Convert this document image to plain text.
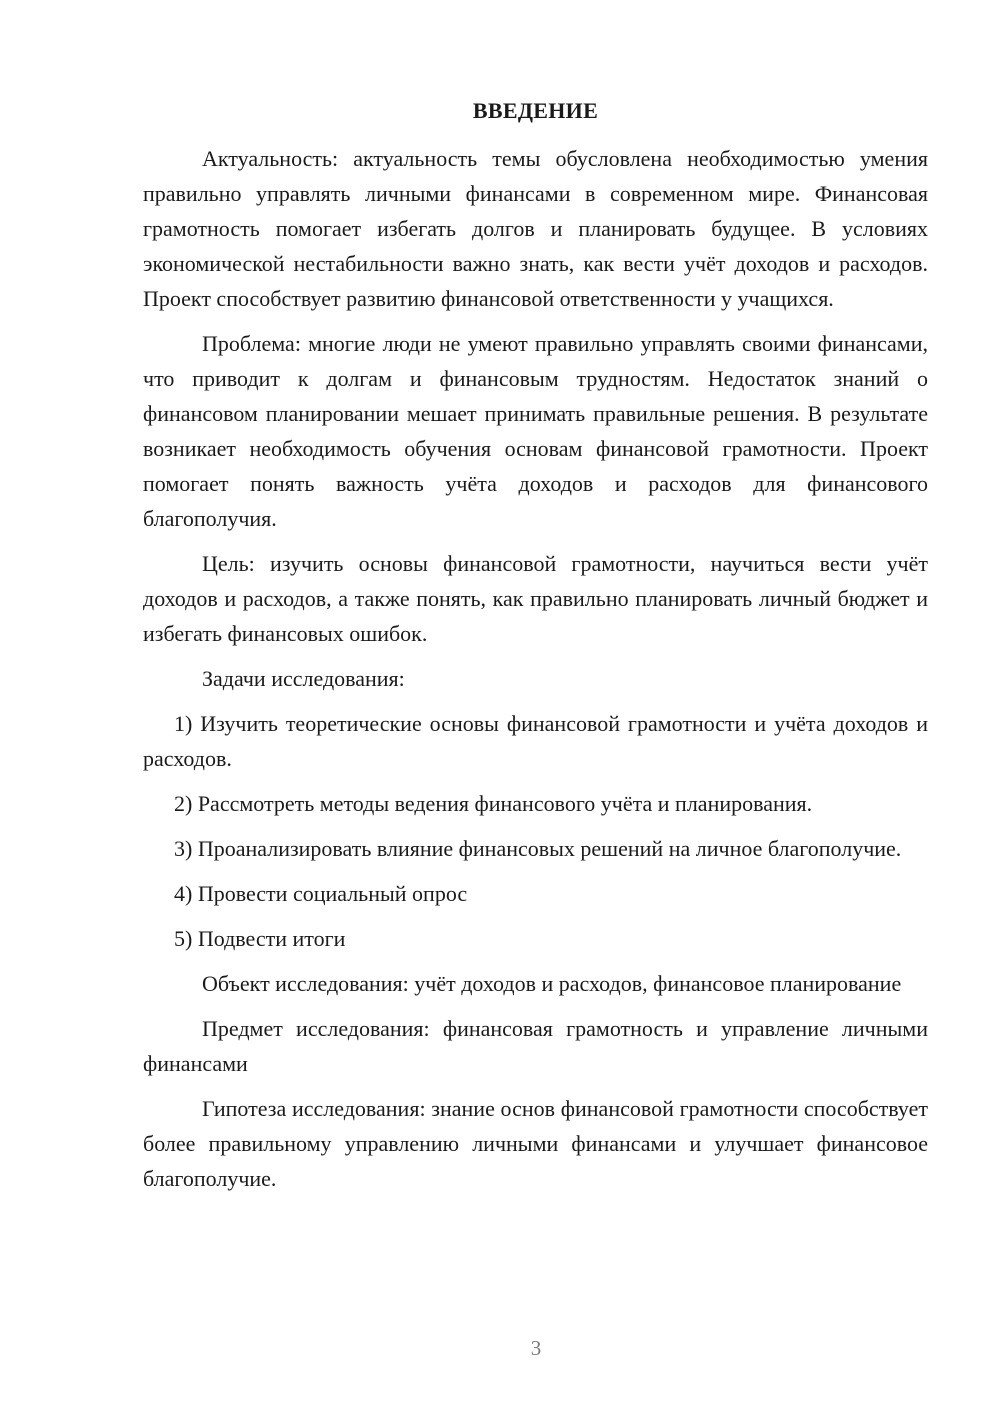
ВВЕДЕНИЕ

Актуальность: актуальность темы обусловлена необходимостью умения правильно управлять личными финансами в современном мире. Финансовая грамотность помогает избегать долгов и планировать будущее. В условиях экономической нестабильности важно знать, как вести учёт доходов и расходов. Проект способствует развитию финансовой ответственности у учащихся.

Проблема: многие люди не умеют правильно управлять своими финансами, что приводит к долгам и финансовым трудностям. Недостаток знаний о финансовом планировании мешает принимать правильные решения. В результате возникает необходимость обучения основам финансовой грамотности. Проект помогает понять важность учёта доходов и расходов для финансового благополучия.

Цель: изучить основы финансовой грамотности, научиться вести учёт доходов и расходов, а также понять, как правильно планировать личный бюджет и избегать финансовых ошибок.

Задачи исследования:

1) Изучить теоретические основы финансовой грамотности и учёта доходов и расходов.

2) Рассмотреть методы ведения финансового учёта и планирования.

3) Проанализировать влияние финансовых решений на личное благополучие.

4) Провести социальный опрос

5) Подвести итоги

Объект исследования: учёт доходов и расходов, финансовое планирование

Предмет исследования: финансовая грамотность и управление личными финансами

Гипотеза исследования: знание основ финансовой грамотности способствует более правильному управлению личными финансами и улучшает финансовое благополучие.

3
